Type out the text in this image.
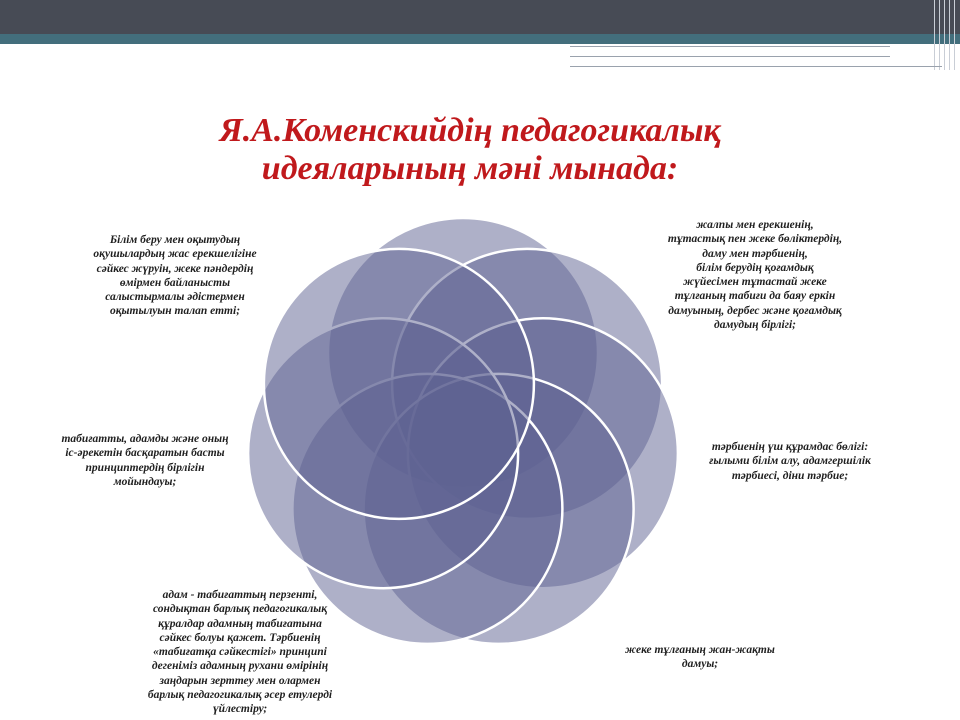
Я.А.Коменскийдің педагогикалық
идеяларының мәні мынада:

Білім беру мен оқытудың
оқушылардың жас ерекшелігіне
сәйкес жүруін, жеке пәндердің
өмірмен байланысты
салыстырмалы әдістермен
оқытылуын талап етті;

жалпы мен ерекшенің,
тұтастық пен жеке бөліктердің,
даму мен тәрбиенің,
білім берудің қоғамдық
жүйесімен тұтастай жеке
тұлғаның табиғи да баяу еркін
дамуының, дербес және қоғамдық
дамудың бірлігі;

табиғатты, адамды және оның
іс-әрекетін басқаратын басты
принциптердің бірлігін
мойындауы;

тәрбиенің үш құрамдас бөлігі:
ғылыми білім алу, адамгершілік
тәрбиесі, діни тәрбие;

адам - табиғаттың перзенті,
сондықтан барлық педагогикалық
құралдар адамның табиғатына
сәйкес болуы қажет. Тәрбиенің
«табиғатқа сәйкестігі» принципі
дегеніміз адамның рухани өмірінің
заңдарын зерттеу мен олармен
барлық педагогикалық әсер етулерді
үйлестіру;

жеке тұлғаның жан-жақты
дамуы;
